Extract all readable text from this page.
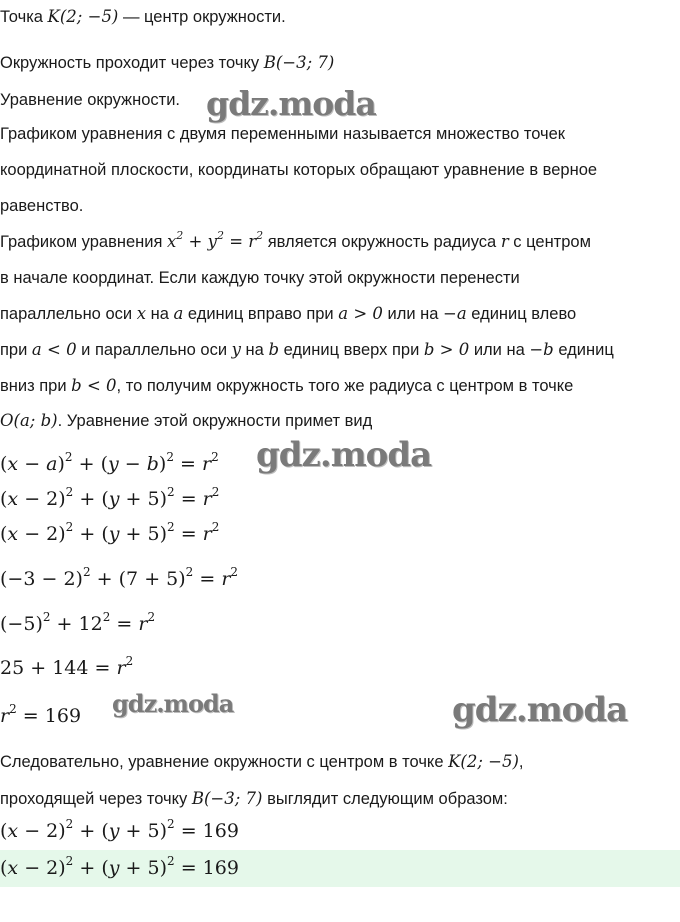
Точка K(2; −5) — центр окружности.
Окружность проходит через точку B(−3; 7)
Уравнение окружности.
Графиком уравнения с двумя переменными называется множество точек
координатной плоскости, координаты которых обращают уравнение в верное
равенство.
Графиком уравнения $x^2 + y^2 = r^2$ является окружность радиуса r с центром
в начале координат. Если каждую точку этой окружности перенести
параллельно оси x на a единиц вправо при a > 0 или на −a единиц влево
при a < 0 и параллельно оси y на b единиц вверх при b > 0 или на −b единиц
вниз при b < 0, то получим окружность того же радиуса с центром в точке
O(a; b). Уравнение этой окружности примет вид
$(x - a)^2 + (y - b)^2 = r^2$
$(x - 2)^2 + (y + 5)^2 = r^2$
$(x - 2)^2 + (y + 5)^2 = r^2$
$(-3 - 2)^2 + (7 + 5)^2 = r^2$
$(-5)^2 + 12^2 = r^2$
$25 + 144 = r^2$
$r^2 = 169$
Следовательно, уравнение окружности с центром в точке K(2; −5),
проходящей через точку B(−3; 7) выглядит следующим образом:
$(x - 2)^2 + (y + 5)^2 = 169$
$(x - 2)^2 + (y + 5)^2 = 169$
gdz.moda
gdz.moda
gdz.moda	gdz.moda
